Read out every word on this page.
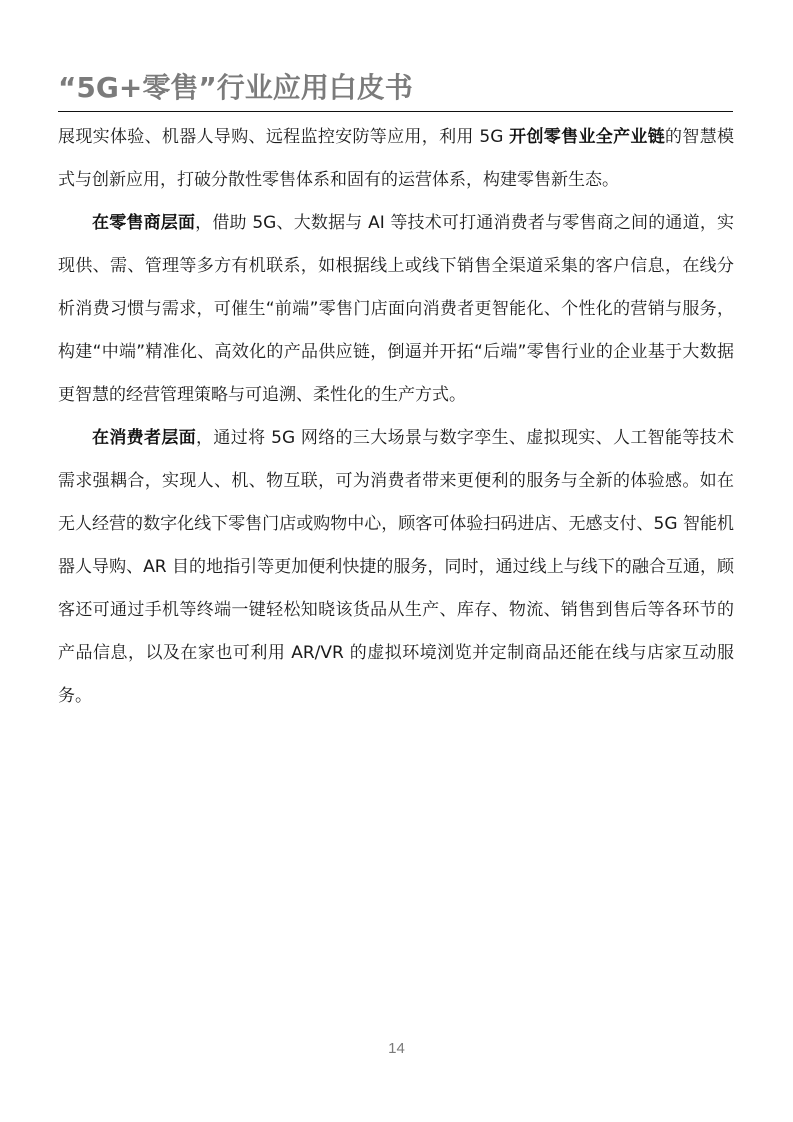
“5G+零售”行业应用白皮书

展现实体验、机器人导购、远程监控安防等应用，利用 5G 开创零售业全产业链的智慧模式与创新应用，打破分散性零售体系和固有的运营体系，构建零售新生态。

在零售商层面，借助 5G、大数据与 AI 等技术可打通消费者与零售商之间的通道，实现供、需、管理等多方有机联系，如根据线上或线下销售全渠道采集的客户信息，在线分析消费习惯与需求，可催生“前端”零售门店面向消费者更智能化、个性化的营销与服务，构建“中端”精准化、高效化的产品供应链，倒逼并开拓“后端”零售行业的企业基于大数据更智慧的经营管理策略与可追溯、柔性化的生产方式。

在消费者层面，通过将 5G 网络的三大场景与数字孪生、虚拟现实、人工智能等技术需求强耦合，实现人、机、物互联，可为消费者带来更便利的服务与全新的体验感。如在无人经营的数字化线下零售门店或购物中心，顾客可体验扫码进店、无感支付、5G 智能机器人导购、AR 目的地指引等更加便利快捷的服务，同时，通过线上与线下的融合互通，顾客还可通过手机等终端一键轻松知晓该货品从生产、库存、物流、销售到售后等各环节的产品信息，以及在家也可利用 AR/VR 的虚拟环境浏览并定制商品还能在线与店家互动服务。

14
